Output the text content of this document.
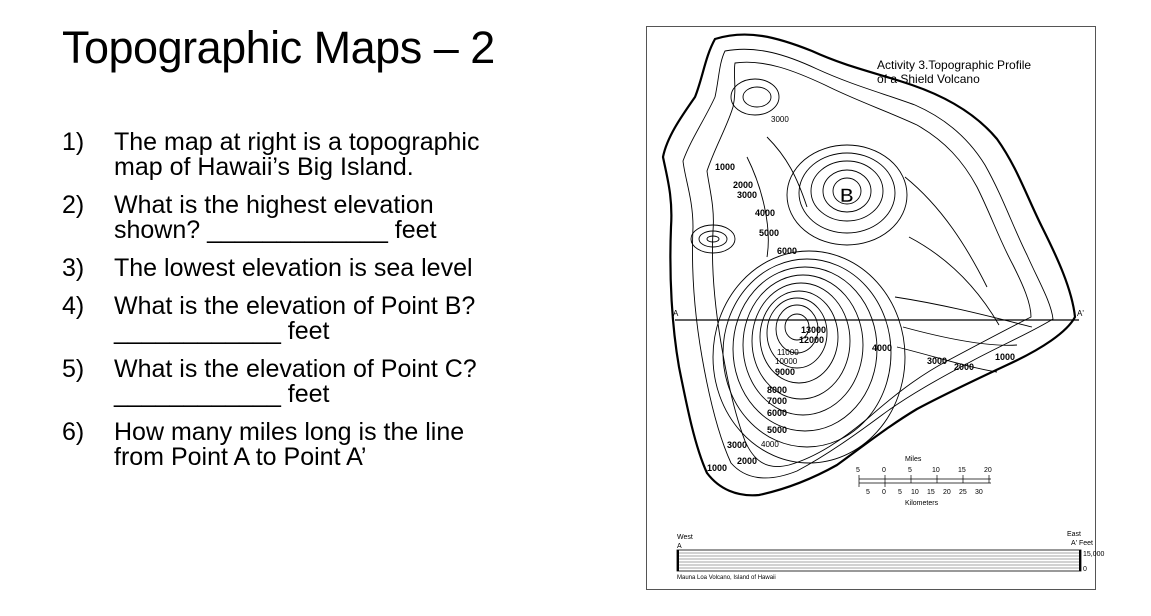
Topographic Maps – 2
1)	The map at right is a topographic
map of Hawaii’s Big Island.
2)	What is the highest elevation
shown? _____________ feet
3)	The lowest elevation is sea level
4)	What is the elevation of Point B?
____________ feet
5)	What is the elevation of Point C?
____________ feet
6)	How many miles long is the line
from Point A to Point A’
A	A'
B
Activity 3.Topographic Profile
of a Shield Volcano
3000
1000
2000
3000
4000
5000
6000
13000
12000
11000
10000
9000
8000
7000
6000
5000
4000
3000
1000
2000
4000
3000
2000
1000
Miles
5	0	5	10	15	20
5 0 5 10 15 20 25 30
Kilometers
West
A
East
A' Feet
15,000
0
Mauna Loa Volcano, Island of Hawaii
